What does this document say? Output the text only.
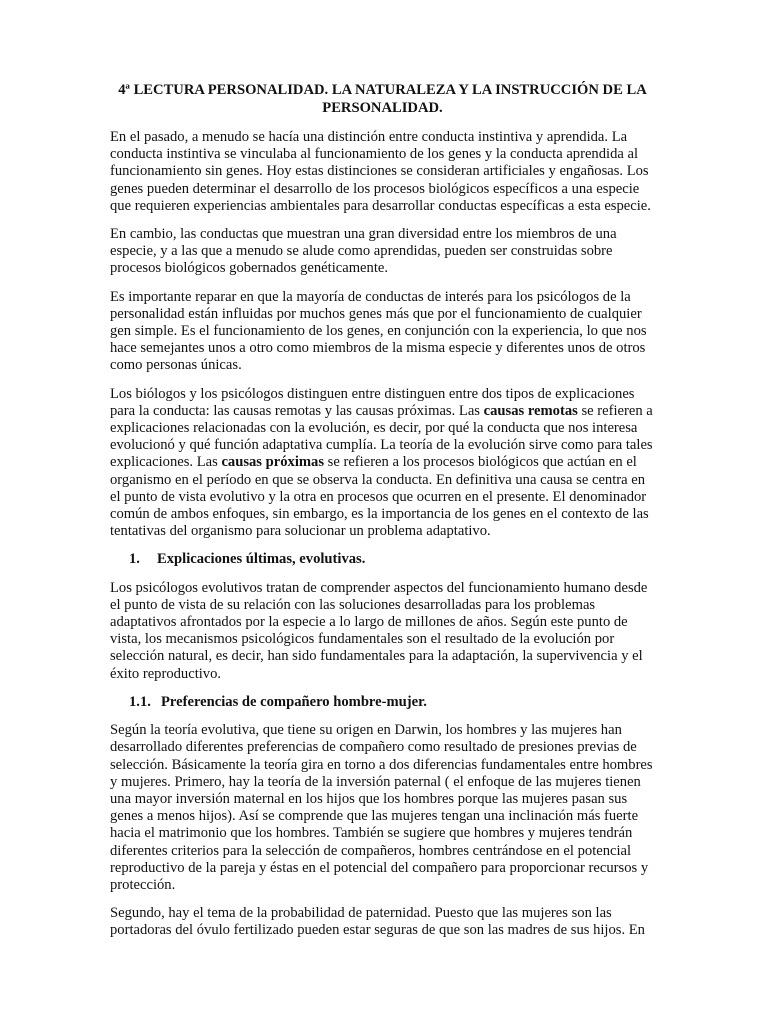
4ª LECTURA PERSONALIDAD. LA NATURALEZA Y LA INSTRUCCIÓN DE LA PERSONALIDAD.

En el pasado, a menudo se hacía una distinción entre conducta instintiva y aprendida. La conducta instintiva se vinculaba al funcionamiento de los genes y la conducta aprendida al funcionamiento sin genes. Hoy estas distinciones se consideran artificiales y engañosas. Los genes pueden determinar el desarrollo de los procesos biológicos específicos a una especie que requieren experiencias ambientales para desarrollar conductas específicas a esta especie.

En cambio, las conductas que muestran una gran diversidad entre los miembros de una especie, y a las que a menudo se alude como aprendidas, pueden ser construidas sobre procesos biológicos gobernados genéticamente.

Es importante reparar en que la mayoría de conductas de interés para los psicólogos de la personalidad están influidas por muchos genes más que por el funcionamiento de cualquier gen simple. Es el funcionamiento de los genes, en conjunción con la experiencia, lo que nos hace semejantes unos a otro como miembros de la misma especie y diferentes unos de otros como personas únicas.

Los biólogos y los psicólogos distinguen entre distinguen entre dos tipos de explicaciones para la conducta: las causas remotas y las causas próximas. Las causas remotas se refieren a explicaciones relacionadas con la evolución, es decir, por qué la conducta que nos interesa evolucionó y qué función adaptativa cumplía. La teoría de la evolución sirve como para tales explicaciones. Las causas próximas se refieren a los procesos biológicos que actúan en el organismo en el período en que se observa la conducta. En definitiva una causa se centra en el punto de vista evolutivo y la otra en procesos que ocurren en el presente. El denominador común de ambos enfoques, sin embargo, es la importancia de los genes en el contexto de las tentativas del organismo para solucionar un problema adaptativo.

1.	Explicaciones últimas, evolutivas.

Los psicólogos evolutivos tratan de comprender aspectos del funcionamiento humano desde el punto de vista de su relación con las soluciones desarrolladas para los problemas adaptativos afrontados por la especie a lo largo de millones de años. Según este punto de vista, los mecanismos psicológicos fundamentales son el resultado de la evolución por selección natural, es decir, han sido fundamentales para la adaptación, la supervivencia y el éxito reproductivo.

1.1. Preferencias de compañero hombre-mujer.

Según la teoría evolutiva, que tiene su origen en Darwin, los hombres y las mujeres han desarrollado diferentes preferencias de compañero como resultado de presiones previas de selección. Básicamente la teoría gira en torno a dos diferencias fundamentales entre hombres y mujeres. Primero, hay la teoría de la inversión paternal ( el enfoque de las mujeres tienen una mayor inversión maternal en los hijos que los hombres porque las mujeres pasan sus genes a menos hijos). Así se comprende que las mujeres tengan una inclinación más fuerte hacia el matrimonio que los hombres. También se sugiere que hombres y mujeres tendrán diferentes criterios para la selección de compañeros, hombres centrándose en el potencial reproductivo de la pareja y éstas en el potencial del compañero para proporcionar recursos y protección.

Segundo, hay el tema de la probabilidad de paternidad. Puesto que las mujeres son las portadoras del óvulo fertilizado pueden estar seguras de que son las madres de sus hijos. En
